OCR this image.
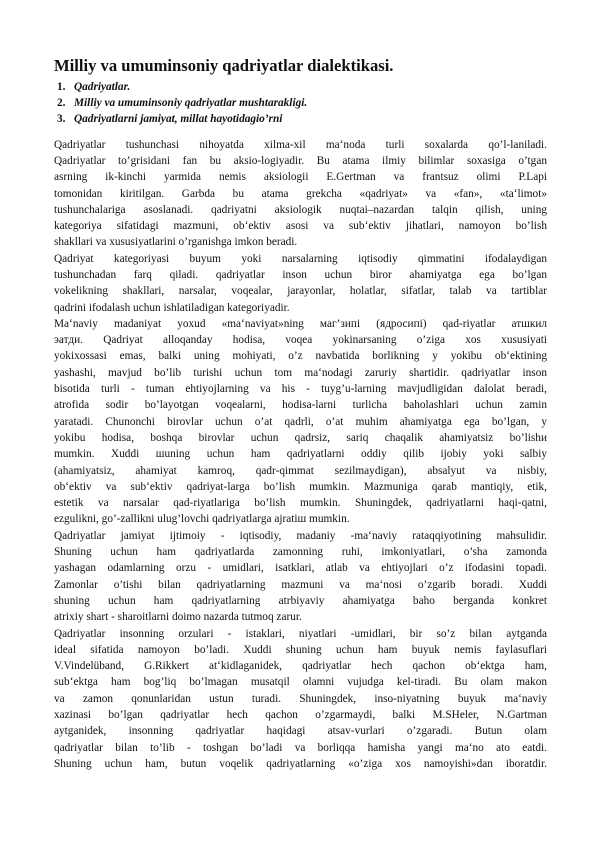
Milliy va umuminsoniy qadriyatlar dialektikasi.
1. Qadriyatlar.
2. Milliy va umuminsoniy qadriyatlar mushtarakligi.
3. Qadriyatlarni jamiyat, millat hayotidagio’rni
Qadriyatlar tushunchasi nihoyatda xilma-xil ma‘noda turli soxalarda qo’l-laniladi.
Qadriyatlar to’grisidani fan bu aksio-logiyadir. Bu atama ilmiy bilimlar soxasiga o’tgan
asrning ik-kinchi yarmida nemis aksiologii E.Gertman va frantsuz olimi P.Lapi
tomonidan kiritilgan. Garbda bu atama grekcha «qadriyat» va «fan», «ta‘limot»
tushunchalariga asoslanadi. qadriyatni aksiologik nuqtai–nazardan talqin qilish, uning
kategoriya sifatidagi mazmuni, ob‘ektiv asosi va sub‘ektiv jihatlari, namoyon bo’lish
shakllari va xususiyatlarini o’rganishga imkon beradi.
Qadriyat kategoriyasi buyum yoki narsalarning iqtisodiy qimmatini ifodalaydigan
tushunchadan farq qiladi. qadriyatlar inson uchun biror ahamiyatga ega bo’lgan
vokelikning shakllari, narsalar, voqealar, jarayonlar, holatlar, sifatlar, talab va tartiblar
qadrini ifodalash uchun ishlatiladigan kategoriyadir.
Ma‘naviy madaniyat yoxud «ma‘naviyat»ning маг’зипі (ядросипі) qad-riyatlar атшкил
эатди. Qadriyat alloqanday hodisa, voqea yokinarsaning o’ziga xos xususiyati
yokixossasi emas, balki uning mohiyati, o’z navbatida borlikning y yokibu ob‘ektining
yashashi, mavjud bo’lib turishi uchun tom ma‘nodagi zaruriy shartidir. qadriyatlar inson
bisotida turli - tuman ehtiyojlarning va his - tuyg’u-larning mavjudligidan dalolat beradi,
atrofida sodir bo’layotgan voqealarni, hodisa-larni turlicha baholashlari uchun zamin
yaratadi. Chunonchi birovlar uchun o’at qadrli, o’at muhim ahamiyatga ega bo’lgan, y
yokibu hodisa, boshqa birovlar uchun qadrsiz, sariq chaqalik ahamiyatsiz bo’lishи
mumkin. Xuddi шuning uchun ham qadriyatlarni oddiy qilib ijobiy yoki salbiy
(ahamiyatsiz, ahamiyat kamroq, qadr-qimmat sezilmaydigan), absalyut va nisbiy,
ob‘ektiv va sub‘ektiv qadriyat-larga bo’lish mumkin. Mazmuniga qarab mantiqiy, etik,
estetik va narsalar qad-riyatlariga bo’lish mumkin. Shuningdek, qadriyatlarni haqi-qatni,
ezgulikni, go’-zallikni ulug’lovchi qadriyatlarga ajratiш mumkin.
Qadriyatlar jamiyat ijtimoiy - iqtisodiy, madaniy -ma‘naviy rataqqiyotining mahsulidir.
Shuning uchun ham qadriyatlarda zamonning ruhi, imkoniyatlari, o’sha zamonda
yashagan odamlarning orzu - umidlari, isatklari, atlab va ehtiyojlari o’z ifodasini topadi.
Zamonlar o’tishi bilan qadriyatlarning mazmuni va ma‘nosi o’zgarib boradi. Xuddi
shuning uchun ham qadriyatlarning atrbiyaviy ahamiyatga baho berganda konkret
atrixiy shart - sharoitlarni doimo nazarda tutmoq zarur.
Qadriyatlar insonning orzulari - istaklari, niyatlari -umidlari, bir so’z bilan aytganda
ideal sifatida namoyon bo’ladi. Xuddi shuning uchun ham buyuk nemis faylasuflari
V.Vindelüband, G.Rikkert at‘kidlaganidek, qadriyatlar hech qachon ob‘ektga ham,
sub‘ektga ham bog’liq bo’lmagan musatqil olamni vujudga kel-tiradi. Bu olam makon
va zamon qonunlaridan ustun turadi. Shuningdek, inso-niyatning buyuk ma‘naviy
xazinasi bo’lgan qadriyatlar hech qachon o’zgarmaydi, balki M.SHeler, N.Gartman
aytganidek, insonning qadriyatlar haqidagi atsav-vurlari o’zgaradi. Butun olam
qadriyatlar bilan to’lib - toshgan bo’ladi va borliqqa hamisha yangi ma‘no ato eatdi.
Shuning uchun ham, butun voqelik qadriyatlarning «o’ziga xos namoyishi»dan iboratdir.
